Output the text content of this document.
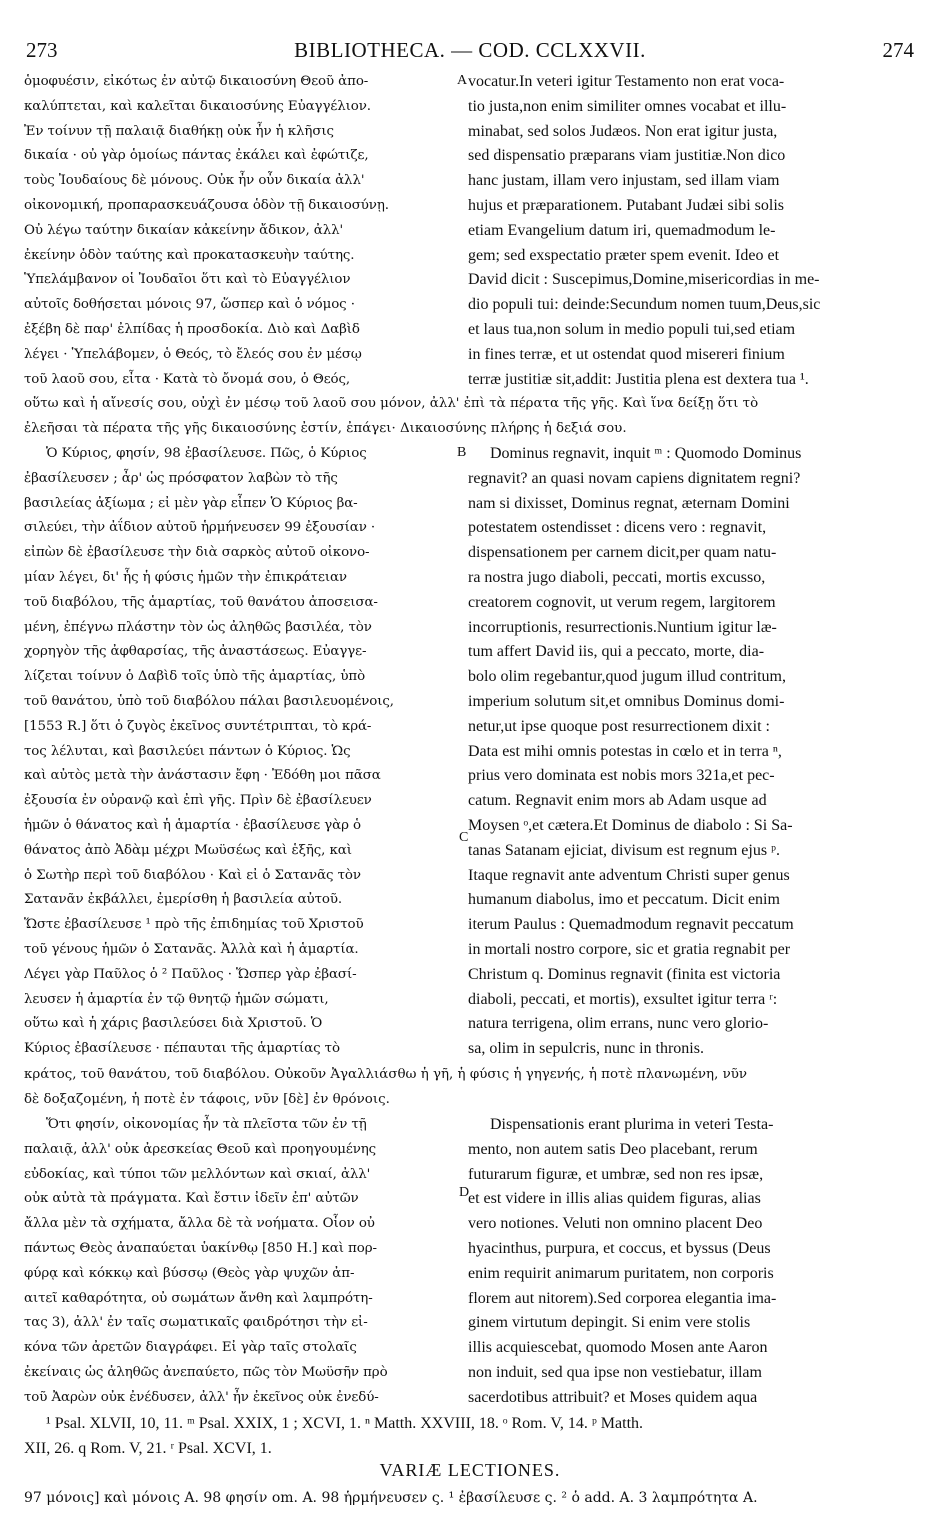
273	BIBLIOTHECA. — COD. CCLXXVII.	274
ὁμοφυέσιν, εἰκότως ἐν αὐτῷ δικαιοσύνη Θεοῦ ἀπο-
καλύπτεται, καὶ καλεῖται δικαιοσύνης Εὐαγγέλιον.
Ἐν τοίνυν τῇ παλαιᾷ διαθήκῃ οὐκ ἦν ἡ κλῆσις
δικαία · οὐ γὰρ ὁμοίως πάντας ἐκάλει καὶ ἐφώτιζε,
τοὺς Ἰουδαίους δὲ μόνους. Οὐκ ἦν οὖν δικαία ἀλλ'
οἰκονομική, προπαρασκευάζουσα ὁδὸν τῇ δικαιοσύνῃ.
Οὐ λέγω ταύτην δικαίαν κἀκείνην ἄδικον, ἀλλ'
ἐκείνην ὁδὸν ταύτης καὶ προκατασκευὴν ταύτης.
Ὑπελάμβανον οἱ Ἰουδαῖοι ὅτι καὶ τὸ Εὐαγγέλιον
αὐτοῖς δοθήσεται μόνοις 97, ὥσπερ καὶ ὁ νόμος ·
ἐξέβη δὲ παρ' ἐλπίδας ἡ προσδοκία. Διὸ καὶ Δαβὶδ
λέγει · Ὑπελάβομεν, ὁ Θεός, τὸ ἔλεός σου ἐν μέσῳ
τοῦ λαοῦ σου, εἶτα · Κατὰ τὸ ὄνομά σου, ὁ Θεός,
vocatur.In veteri igitur Testamento non erat voca-
tio justa,non enim similiter omnes vocabat et illu-
minabat, sed solos Judæos. Non erat igitur justa,
sed dispensatio præparans viam justitiæ.Non dico
hanc justam, illam vero injustam, sed illam viam
hujus et præparationem. Putabant Judæi sibi solis
etiam Evangelium datum iri, quemadmodum le-
gem; sed exspectatio præter spem evenit. Ideo et
David dicit : Suscepimus,Domine,misericordias in me-
dio populi tui: deinde:Secundum nomen tuum,Deus,sic
et laus tua,non solum in medio populi tui,sed etiam
in fines terræ, et ut ostendat quod misereri finium
terræ justitiæ sit,addit: Justitia plena est dextera tua ¹.
οὕτω καὶ ἡ αἴνεσίς σου, οὐχὶ ἐν μέσῳ τοῦ λαοῦ σου μόνον, ἀλλ' ἐπὶ τὰ πέρατα τῆς γῆς. Καὶ ἵνα δείξῃ ὅτι τὸ
ἐλεῆσαι τὰ πέρατα τῆς γῆς δικαιοσύνης ἐστίν, ἐπάγει· Δικαιοσύνης πλήρης ἡ δεξιά σου.
Ὁ Κύριος, φησίν, 98 ἐβασίλευσε. Πῶς, ὁ Κύριος
ἐβασίλευσεν ; ἆρ' ὡς πρόσφατον λαβὼν τὸ τῆς
βασιλείας ἀξίωμα ; εἰ μὲν γὰρ εἶπεν Ὁ Κύριος βα-
σιλεύει, τὴν ἀΐδιον αὐτοῦ ἡρμήνευσεν 99 ἐξουσίαν ·
εἰπὼν δὲ ἐβασίλευσε τὴν διὰ σαρκὸς αὐτοῦ οἰκονο-
μίαν λέγει, δι' ἧς ἡ φύσις ἡμῶν τὴν ἐπικράτειαν
τοῦ διαβόλου, τῆς ἁμαρτίας, τοῦ θανάτου ἀποσεισα-
μένη, ἐπέγνω πλάστην τὸν ὡς ἀληθῶς βασιλέα, τὸν
χορηγὸν τῆς ἀφθαρσίας, τῆς ἀναστάσεως. Εὐαγγε-
λίζεται τοίνυν ὁ Δαβὶδ τοῖς ὑπὸ τῆς ἁμαρτίας, ὑπὸ
τοῦ θανάτου, ὑπὸ τοῦ διαβόλου πάλαι βασιλευομένοις,
[1553 R.] ὅτι ὁ ζυγὸς ἐκεῖνος συντέτριπται, τὸ κρά-
τος λέλυται, καὶ βασιλεύει πάντων ὁ Κύριος. Ὡς
καὶ αὐτὸς μετὰ τὴν ἀνάστασιν ἔφη · Ἐδόθη μοι πᾶσα
ἐξουσία ἐν οὐρανῷ καὶ ἐπὶ γῆς. Πρὶν δὲ ἐβασίλευεν
ἡμῶν ὁ θάνατος καὶ ἡ ἁμαρτία · ἐβασίλευσε γὰρ ὁ
θάνατος ἀπὸ Ἀδὰμ μέχρι Μωϋσέως καὶ ἑξῆς, καὶ
ὁ Σωτὴρ περὶ τοῦ διαβόλου · Καὶ εἰ ὁ Σατανᾶς τὸν
Σατανᾶν ἐκβάλλει, ἐμερίσθη ἡ βασιλεία αὐτοῦ.
Ὥστε ἐβασίλευσε ¹ πρὸ τῆς ἐπιδημίας τοῦ Χριστοῦ
τοῦ γένους ἡμῶν ὁ Σατανᾶς. Ἀλλὰ καὶ ἡ ἁμαρτία.
Λέγει γὰρ Παῦλος ὁ ² Παῦλος · Ὥσπερ γὰρ ἐβασί-
λευσεν ἡ ἁμαρτία ἐν τῷ θνητῷ ἡμῶν σώματι,
οὕτω καὶ ἡ χάρις βασιλεύσει διὰ Χριστοῦ. Ὁ
Κύριος ἐβασίλευσε · πέπαυται τῆς ἁμαρτίας τὸ
Dominus regnavit, inquit ᵐ : Quomodo Dominus
regnavit? an quasi novam capiens dignitatem regni?
nam si dixisset, Dominus regnat, æternam Domini
potestatem ostendisset : dicens vero : regnavit,
dispensationem per carnem dicit,per quam natu-
ra nostra jugo diaboli, peccati, mortis excusso,
creatorem cognovit, ut verum regem, largitorem
incorruptionis, resurrectionis.Nuntium igitur læ-
tum affert David iis, qui a peccato, morte, dia-
bolo olim regebantur,quod jugum illud contritum,
imperium solutum sit,et omnibus Dominus domi-
netur,ut ipse quoque post resurrectionem dixit :
Data est mihi omnis potestas in cœlo et in terra ⁿ,
prius vero dominata est nobis mors 321a,et pec-
catum. Regnavit enim mors ab Adam usque ad
Moysen ᵒ,et cætera.Et Dominus de diabolo : Si Sa-
tanas Satanam ejiciat, divisum est regnum ejus ᵖ.
Itaque regnavit ante adventum Christi super genus
humanum diabolus, imo et peccatum. Dicit enim
iterum Paulus : Quemadmodum regnavit peccatum
in mortali nostro corpore, sic et gratia regnabit per
Christum q. Dominus regnavit (finita est victoria
diaboli, peccati, et mortis), exsultet igitur terra ʳ:
natura terrigena, olim errans, nunc vero glorio-
sa, olim in sepulcris, nunc in thronis.
κράτος, τοῦ θανάτου, τοῦ διαβόλου. Οὐκοῦν Ἀγαλλιάσθω ἡ γῆ, ἡ φύσις ἡ γηγενής, ἡ ποτὲ πλανωμένη, νῦν
δὲ δοξαζομένη, ἡ ποτὲ ἐν τάφοις, νῦν [δὲ] ἐν θρόνοις.
Ὅτι φησίν, οἰκονομίας ἦν τὰ πλεῖστα τῶν ἐν τῇ
παλαιᾷ, ἀλλ' οὐκ ἀρεσκείας Θεοῦ καὶ προηγουμένης
εὐδοκίας, καὶ τύποι τῶν μελλόντων καὶ σκιαί, ἀλλ'
οὐκ αὐτὰ τὰ πράγματα. Καὶ ἔστιν ἰδεῖν ἐπ' αὐτῶν
ἄλλα μὲν τὰ σχήματα, ἄλλα δὲ τὰ νοήματα. Οἷον οὐ
πάντως Θεὸς ἀναπαύεται ὑακίνθῳ [850 H.] καὶ πορ-
φύρᾳ καὶ κόκκῳ καὶ βύσσῳ (Θεὸς γὰρ ψυχῶν ἀπ-
αιτεῖ καθαρότητα, οὐ σωμάτων ἄνθη καὶ λαμπρότη-
τας 3), ἀλλ' ἐν ταῖς σωματικαῖς φαιδρότησι τὴν εἰ-
κόνα τῶν ἀρετῶν διαγράφει. Εἰ γὰρ ταῖς στολαῖς
ἐκείναις ὡς ἀληθῶς ἀνεπαύετο, πῶς τὸν Μωϋσῆν πρὸ
τοῦ Ἀαρὼν οὐκ ἐνέδυσεν, ἀλλ' ἦν ἐκεῖνος οὐκ ἐνεδύ-
Dispensationis erant plurima in veteri Testa-
mento, non autem satis Deo placebant, rerum
futurarum figuræ, et umbræ, sed non res ipsæ,
et est videre in illis alias quidem figuras, alias
vero notiones. Veluti non omnino placent Deo
hyacinthus, purpura, et coccus, et byssus (Deus
enim requirit animarum puritatem, non corporis
florem aut nitorem).Sed corporea elegantia ima-
ginem virtutum depingit. Si enim vere stolis
illis acquiescebat, quomodo Mosen ante Aaron
non induit, sed qua ipse non vestiebatur, illam
sacerdotibus attribuit? et Moses quidem aqua
A
B
C
D
¹ Psal. XLVII, 10, 11. ᵐ Psal. XXIX, 1 ; XCVI, 1. ⁿ Matth. XXVIII, 18. ᵒ Rom. V, 14. ᵖ Matth.
XII, 26. q Rom. V, 21. ʳ Psal. XCVI, 1.
VARIÆ LECTIONES.
97 μόνοις] καὶ μόνοις A. 98 φησίν om. A. 98 ἡρμήνευσεν ς. ¹ ἐβασίλευσε ς. ² ὁ add. A. 3 λαμπρότητα A.
